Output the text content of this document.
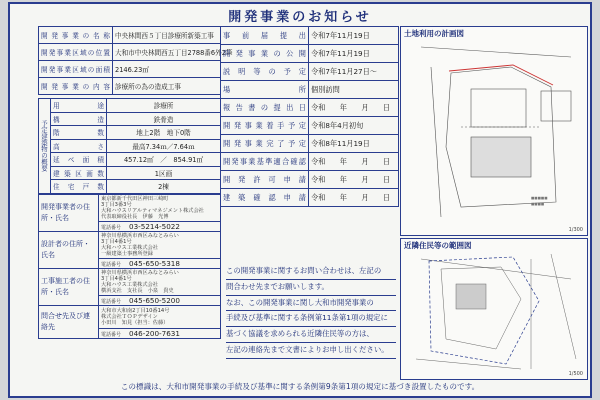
開発事業のお知らせ
開発事業の名称	中央林間西５丁目診療所新築工事
開発事業区域の位置	大和市中央林間西五丁目2788番6外2筆
開発事業区域の面積	2146.23㎡
開発事業の内容	診療所の為の造成工事
予定建築物の概要	用途	診療所
	構造	鉄骨造
	階数	地上2階　地下0階
	高さ	最高7.34ｍ／7.64ｍ
	延べ面積	457.12㎡　／　854.91㎡
	建築区画数	1区画
	住宅戸数	2棟
開発事業者の住所・氏名	東京都新千代田区神田三崎町
3丁目3番3号
大和ハウスリアルティマネジメント株式会社
代表取締役社長　伊藤　光博

	電話番号 03-5214-5022
設計者の住所・氏名	神奈川県横浜市西区みなとみらい
3丁目4番1号
大和ハウス工業株式会社
一級建築士事務所登録

	電話番号 045-650-5318
工事施工者の住所・氏名	神奈川県横浜市西区みなとみらい
3丁目4番1号
大和ハウス工業株式会社
横浜支社　支社長　小泉　貴史

	電話番号 045-650-5200
問合せ先及び連絡先	大和市大和南2丁目10番14号
株式会社ＴＯＰデザイン
小田川　知見（担当：佐藤）

	電話番号 046-200-7631
事前届提出	令和7年11月19日
開発事業の公開	令和7年11月19日
説明等の予定	令和7年11月27日～
場所	個別訪問
報告書の提出日	令和　　年　　月　　日
開発事業着手予定	令和8年4月初旬
開発事業完了予定	令和8年11月19日
開発事業基準適合確認	令和　　年　　月　　日
開発許可申請	令和　　年　　月　　日
建築確認申請	令和　　年　　月　　日
この開発事業に関するお問い合わせは、左記の
問合わせ先までお願いします。
なお、この開発事業に関し大和市開発事業の
手続及び基準に関する条例第11条第1項の規定に
基づく協議を求められる近隣住民等の方は、
左記の連絡先まで文書によりお申し出ください。
土地利用の計画図
■■■■■
■■■■
1/300
近隣住民等の範囲図
1/500
この標識は、大和市開発事業の手続及び基準に関する条例第9条第1項の規定に基づき設置したものです。
